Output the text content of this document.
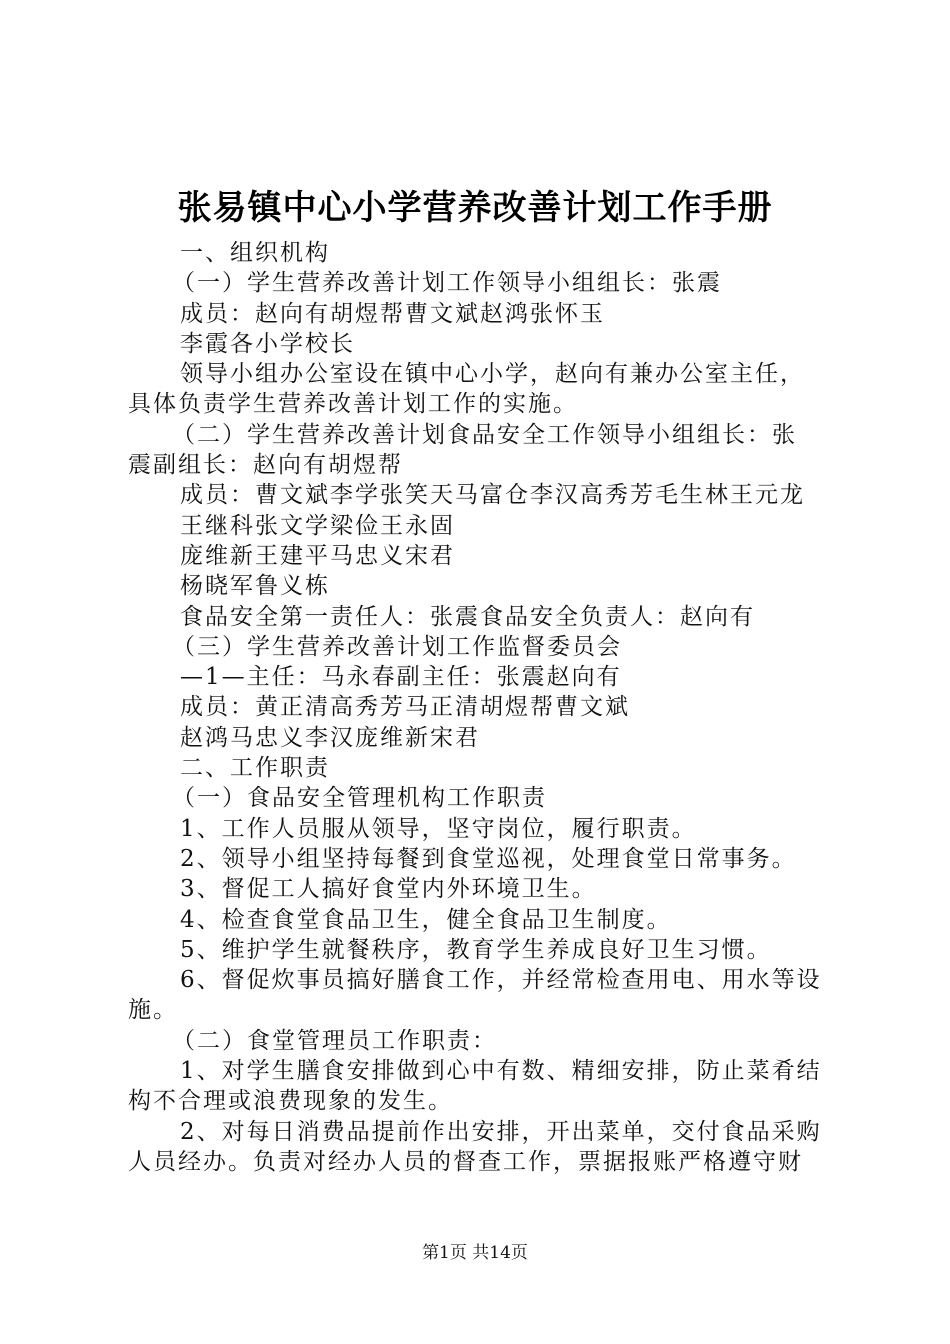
张易镇中心小学营养改善计划工作手册
一、组织机构
（一）学生营养改善计划工作领导小组组长：张震
成员：赵向有胡煜帮曹文斌赵鸿张怀玉
李霞各小学校长
领导小组办公室设在镇中心小学，赵向有兼办公室主任，
具体负责学生营养改善计划工作的实施。
（二）学生营养改善计划食品安全工作领导小组组长：张
震副组长：赵向有胡煜帮
成员：曹文斌李学张笑天马富仓李汉高秀芳毛生林王元龙
王继科张文学梁俭王永固
庞维新王建平马忠义宋君
杨晓军鲁义栋
食品安全第一责任人：张震食品安全负责人：赵向有
（三）学生营养改善计划工作监督委员会
—1—主任：马永春副主任：张震赵向有
成员：黄正清高秀芳马正清胡煜帮曹文斌
赵鸿马忠义李汉庞维新宋君
二、工作职责
（一）食品安全管理机构工作职责
1、工作人员服从领导，坚守岗位，履行职责。
2、领导小组坚持每餐到食堂巡视，处理食堂日常事务。
3、督促工人搞好食堂内外环境卫生。
4、检查食堂食品卫生，健全食品卫生制度。
5、维护学生就餐秩序，教育学生养成良好卫生习惯。
6、督促炊事员搞好膳食工作，并经常检查用电、用水等设
施。
（二）食堂管理员工作职责：
1、对学生膳食安排做到心中有数、精细安排，防止菜肴结
构不合理或浪费现象的发生。
2、对每日消费品提前作出安排，开出菜单，交付食品采购
人员经办。负责对经办人员的督查工作，票据报账严格遵守财
第1页 共14页
